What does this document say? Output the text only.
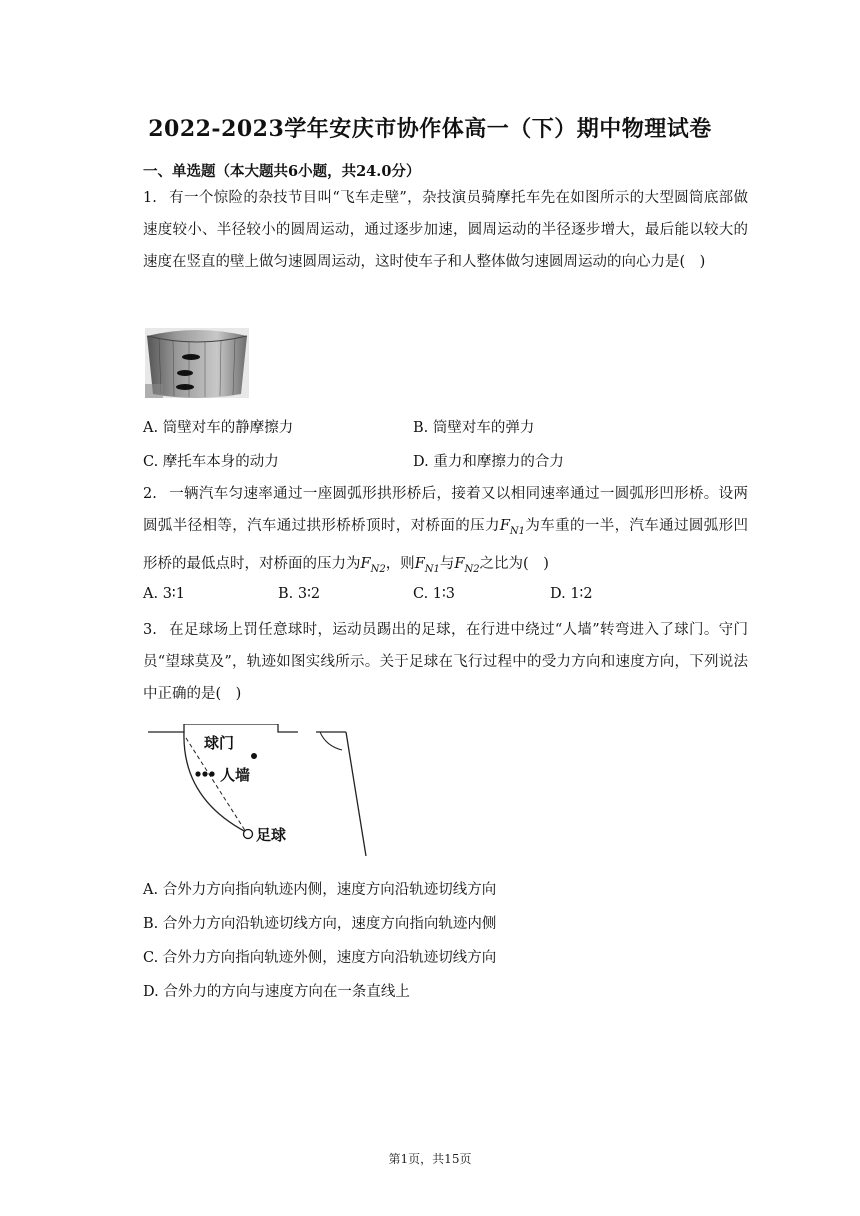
2022-2023学年安庆市协作体高一（下）期中物理试卷
一、单选题（本大题共6小题，共24.0分）
1. 有一个惊险的杂技节目叫“飞车走壁”，杂技演员骑摩托车先在如图所示的大型圆筒底部做速度较小、半径较小的圆周运动，通过逐步加速，圆周运动的半径逐步增大，最后能以较大的速度在竖直的壁上做匀速圆周运动，这时使车子和人整体做匀速圆周运动的向心力是(　)
A. 筒壁对车的静摩擦力	B. 筒壁对车的弹力
C. 摩托车本身的动力	D. 重力和摩擦力的合力
2. 一辆汽车匀速率通过一座圆弧形拱形桥后，接着又以相同速率通过一圆弧形凹形桥。设两圆弧半径相等，汽车通过拱形桥桥顶时，对桥面的压力$F_{N1}$为车重的一半，汽车通过圆弧形凹形桥的最低点时，对桥面的压力为$F_{N2}$，则$F_{N1}$与$F_{N2}$之比为(　)
A. 3∶1	B. 3∶2	C. 1∶3	D. 1∶2
3. 在足球场上罚任意球时，运动员踢出的足球，在行进中绕过“人墙”转弯进入了球门。守门员“望球莫及”，轨迹如图实线所示。关于足球在飞行过程中的受力方向和速度方向，下列说法中正确的是(　)
球门
人墙
足球
A. 合外力方向指向轨迹内侧，速度方向沿轨迹切线方向
B. 合外力方向沿轨迹切线方向，速度方向指向轨迹内侧
C. 合外力方向指向轨迹外侧，速度方向沿轨迹切线方向
D. 合外力的方向与速度方向在一条直线上
第1页，共15页
